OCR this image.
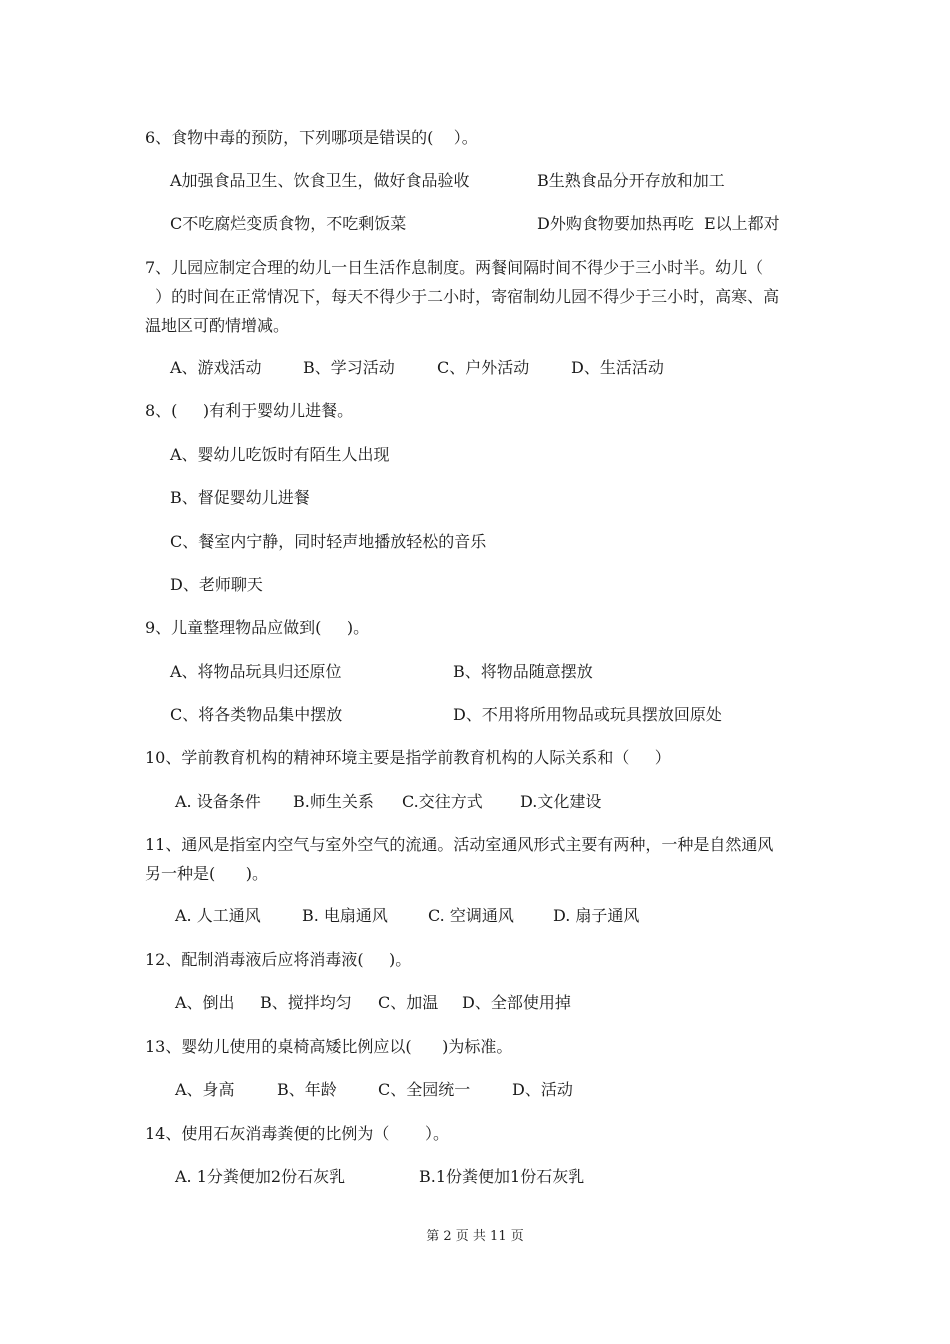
6、食物中毒的预防，下列哪项是错误的(    ）。
A加强食品卫生、饮食卫生，做好食品验收	B生熟食品分开存放和加工
C不吃腐烂变质食物，不吃剩饭菜	D外购食物要加热再吃  E以上都对
7、儿园应制定合理的幼儿一日生活作息制度。两餐间隔时间不得少于三小时半。幼儿（
）的时间在正常情况下，每天不得少于二小时，寄宿制幼儿园不得少于三小时，高寒、高
温地区可酌情增减。
A、游戏活动	B、学习活动	C、户外活动	D、生活活动
8、(     )有利于婴幼儿进餐。
A、婴幼儿吃饭时有陌生人出现
B、督促婴幼儿进餐
C、餐室内宁静，同时轻声地播放轻松的音乐
D、老师聊天
9、儿童整理物品应做到(     )。
A、将物品玩具归还原位	B、将物品随意摆放
C、将各类物品集中摆放	D、不用将所用物品或玩具摆放回原处
10、学前教育机构的精神环境主要是指学前教育机构的人际关系和（     ）
A. 设备条件 B.师生关系 C.交往方式 D.文化建设
11、通风是指室内空气与室外空气的流通。活动室通风形式主要有两种，一种是自然通风
另一种是(      )。
A. 人工通风	B. 电扇通风	C. 空调通风 D. 扇子通风
12、配制消毒液后应将消毒液(     )。
A、倒出 B、搅拌均匀 C、加温 D、全部使用掉
13、婴幼儿使用的桌椅高矮比例应以(      )为标准。
A、身高	B、年龄	C、全园统一	D、活动
14、使用石灰消毒粪便的比例为（       ）。
A. 1分粪便加2份石灰乳	B.1份粪便加1份石灰乳
第 2 页 共 11 页
